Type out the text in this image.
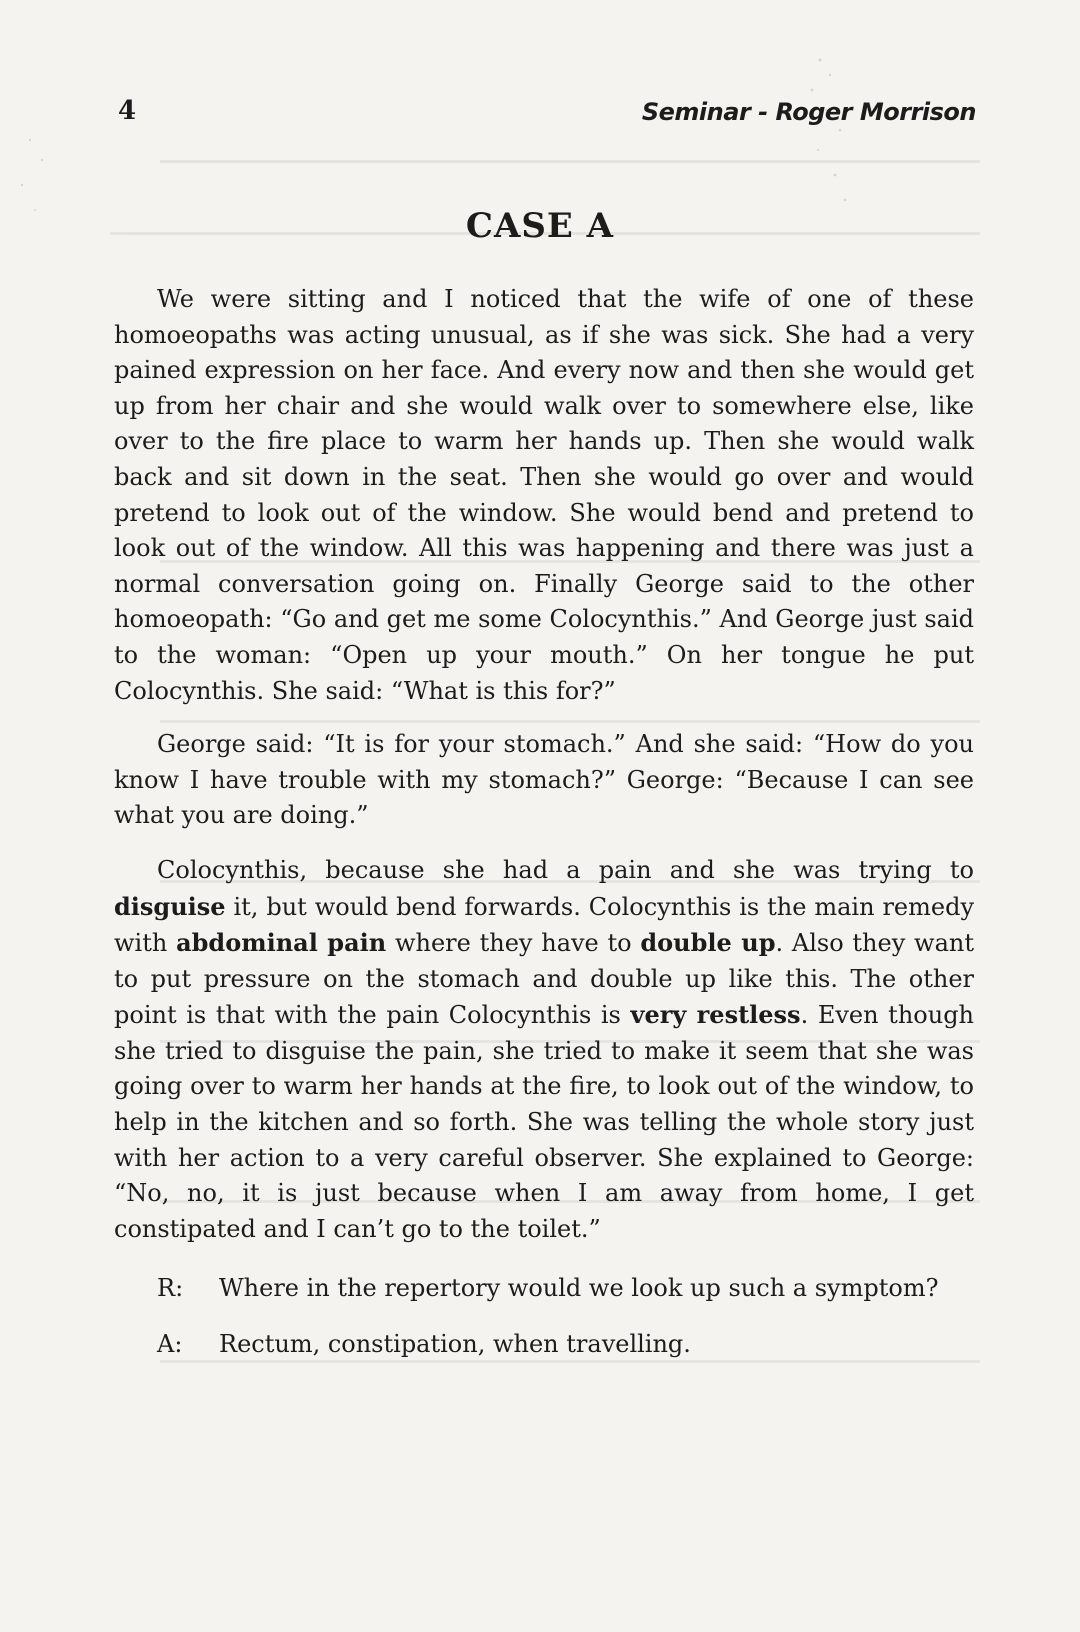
4	Seminar - Roger Morrison
CASE A

We were sitting and I noticed that the wife of one of these homoeopaths was acting unusual, as if she was sick. She had a very pained expression on her face. And every now and then she would get up from her chair and she would walk over to somewhere else, like over to the fire place to warm her hands up. Then she would walk back and sit down in the seat. Then she would go over and would pretend to look out of the window. She would bend and pretend to look out of the window. All this was happening and there was just a normal conversation going on. Finally George said to the other homoeopath: “Go and get me some Colocynthis.” And George just said to the woman: “Open up your mouth.” On her tongue he put Colocynthis. She said: “What is this for?”

George said: “It is for your stomach.” And she said: “How do you know I have trouble with my stomach?” George: “Because I can see what you are doing.”

Colocynthis, because she had a pain and she was trying to disguise it, but would bend forwards. Colocynthis is the main remedy with abdominal pain where they have to double up. Also they want to put pressure on the stomach and double up like this. The other point is that with the pain Colocynthis is very restless. Even though she tried to disguise the pain, she tried to make it seem that she was going over to warm her hands at the fire, to look out of the window, to help in the kitchen and so forth. She was telling the whole story just with her action to a very careful observer. She explained to George: “No, no, it is just because when I am away from home, I get constipated and I can’t go to the toilet.”

R: Where in the repertory would we look up such a symptom?

A: Rectum, constipation, when travelling.
